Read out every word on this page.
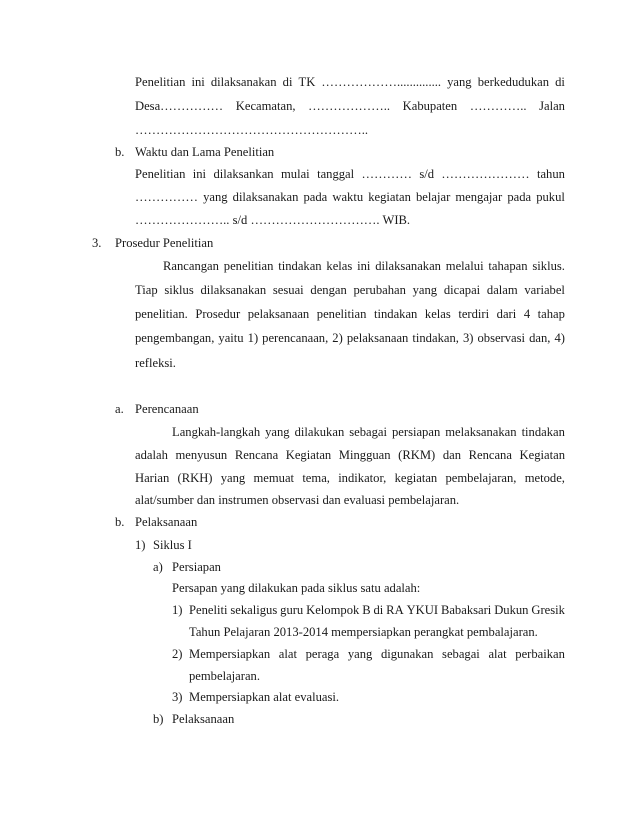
Penelitian ini dilaksanakan di TK ……………….............. yang berkedudukan di
Desa…………… Kecamatan, ……………….. Kabupaten ………….. Jalan
………………………………………………..
b. Waktu dan Lama Penelitian
Penelitian ini dilaksankan mulai tanggal ………… s/d ………………… tahun
…………… yang dilaksanakan pada waktu kegiatan belajar mengajar pada pukul
………………….. s/d …………………………. WIB.
3. Prosedur Penelitian
Rancangan penelitian tindakan kelas ini dilaksanakan melalui tahapan siklus.
Tiap siklus dilaksanakan sesuai dengan perubahan yang dicapai dalam variabel
penelitian. Prosedur pelaksanaan penelitian tindakan kelas terdiri dari 4 tahap
pengembangan, yaitu 1) perencanaan, 2) pelaksanaan tindakan, 3) observasi dan, 4)
refleksi.
a. Perencanaan
Langkah-langkah yang dilakukan sebagai persiapan melaksanakan tindakan
adalah menyusun Rencana Kegiatan Mingguan (RKM) dan Rencana Kegiatan
Harian (RKH) yang memuat tema, indikator, kegiatan pembelajaran, metode,
alat/sumber dan instrumen observasi dan evaluasi pembelajaran.
b. Pelaksanaan
1) Siklus I
a) Persiapan
Persapan yang dilakukan pada siklus satu adalah:
1) Peneliti sekaligus guru Kelompok B di RA YKUI Babaksari Dukun Gresik
Tahun Pelajaran 2013-2014 mempersiapkan perangkat pembalajaran.
2) Mempersiapkan alat peraga yang digunakan sebagai alat perbaikan
pembelajaran.
3) Mempersiapkan alat evaluasi.
b) Pelaksanaan
